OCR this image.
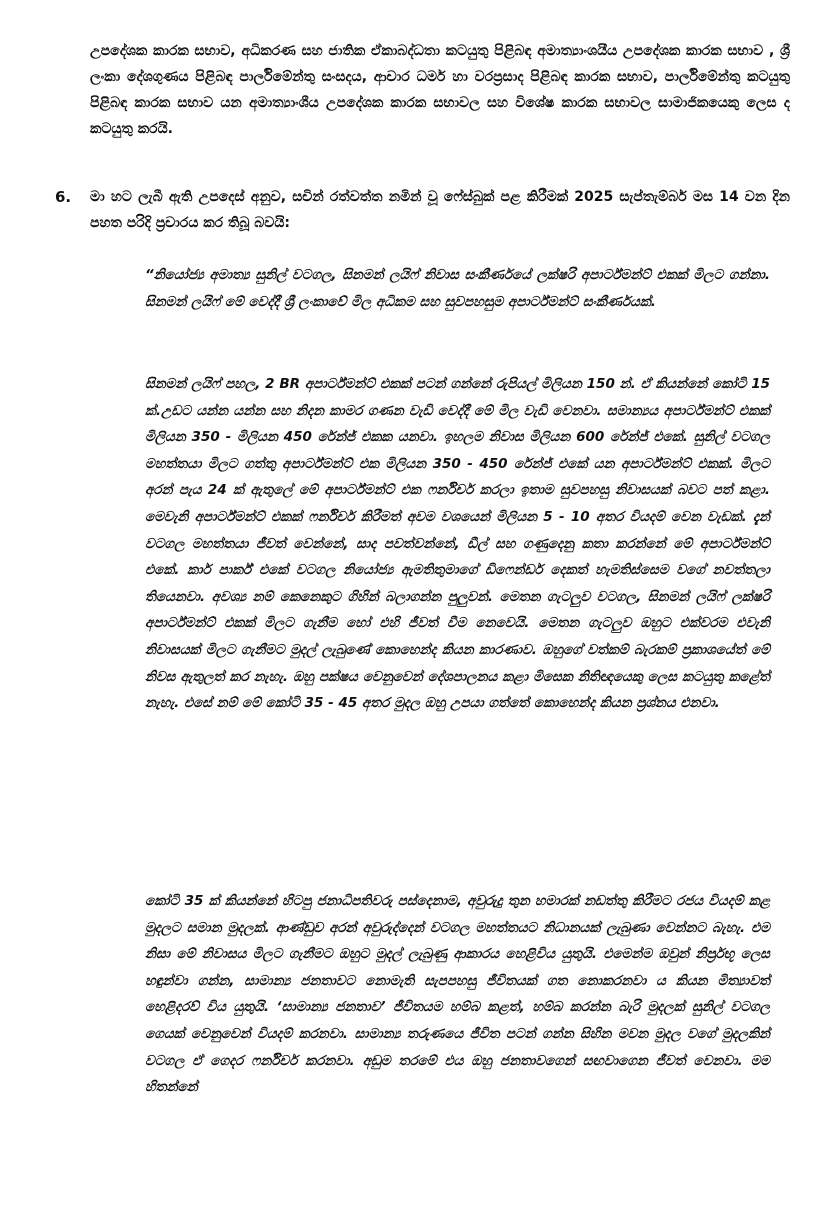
උපදේශක කාරක සභාව, අධිකරණ සහ ජාතික ඒකාබද්ධතා කටයුතු පිළිබඳ අමාත්‍යාංශයීය උපදේශක කාරක සභාව , ශ්‍රී ලංකා දේශගුණය පිළිබඳ පාර්ලිමේන්තු සංසදය, ආචාර ධර්ම හා වරප්‍රසාද පිළිබඳ කාරක සභාව, පාර්ලිමේන්තු කටයුතු පිළිබඳ කාරක සභාව යන අමාත්‍යාංශීය උපදේශක කාරක සභාවල සහ විශේෂ කාරක සභාවල සාමාජිකයෙකු ලෙස ද කටයුතු කරයි.

6. මා හට ලැබී ඇති උපදෙස් අනුව, සචින් රත්වත්ත නමින් වූ ෆේස්බුක් පළ කිරීමක් 2025 සැප්තැම්බර් මස 14 වන දින පහත පරිදි ප්‍රචාරය කර තිබූ බවයි:

“නියෝජ්‍ය අමාත්‍ය සුනිල් වටගල, සිනමන් ලයිෆ් නිවාස සංකීර්ණයේ ලක්ෂරි අපාර්ට්මන්ට් එකක් මිලට ගන්නා. සිනමන් ලයිෆ් මේ වෙද්දී ශ්‍රී ලංකාවේ මිල අධිකම සහ සුවපහසුම අපාර්ට්මන්ට් සංකීර්ණයක්.

සිනමන් ලයිෆ් පහල, 2 BR අපාර්ට්මන්ට් එකක් පටන් ගන්නේ රුපියල් මිලියන 150 න්. ඒ කියන්නේ කෝටි 15 ක්.උඩට යන්න යන්න සහ නිදන කාමර ගණන වැඩි වෙද්දී මේ මිල වැඩි වෙනවා. සමාන්‍යය අපාර්ට්මන්ට් එකක් මිලියන 350 - මිලියන 450 රේන්ජ් එකක යනවා. ඉහලම නිවාස මිලියන 600 රේන්ජ් එකේ. සුනිල් වටගල මහත්තයා මිලට ගත්තු අපාර්ට්මන්ට් එක මිලියන 350 - 450 රේන්ජ් එකේ යන අපාර්ට්මන්ට් එකක්. මිලට අරන් පැය 24 ක් ඇතුලේ මේ අපාර්ට්මන්ට් එක ෆර්නිචර් කරලා ඉතාම සුවපහසු නිවාසයක් බවට පත් කළා. මෙවැනි අපාර්ට්මන්ට් එකක් ෆර්නිචර් කිරීමත් අවම වශයෙන් මිලියන 5 - 10 අතර වියදම් වෙන වැඩක්. දැන් වටගල මහත්තයා ජීවත් වෙන්නේ, සාද පවත්වන්නේ, ඩීල් සහ ගණුදෙනු කතා කරන්නේ මේ අපාර්ට්මන්ට් එකේ. කාර් පාර්ක් එකේ වටගල නියෝජ්‍ය ඇමතිතුමාගේ ඩිෆෙන්ඩර් දෙකත් හැමතිස්සෙම වගේ නවත්තලා තියෙනවා. අවශ්‍ය නම් කෙනෙකුට ගිහින් බලාගන්න පුලුවන්. මෙතන ගැටලුව වටගල, සිනමන් ලයිෆ් ලක්ෂරි අපාර්ට්මන්ට් එකක් මිලට ගැනීම හෝ එහි ජීවත් වීම නෙවෙයි. මෙතන ගැටලුව ඔහුට එක්වරම එවැනි නිවාසයක් මිලට ගැනීමට මුදල් ලැබුණේ කොහෙන්ද කියන කාරණාව. ඔහුගේ වත්කම් බැරකම් ප්‍රකාශයේත් මේ නිවස ඇතුලත් කර නැහැ. ඔහු පක්ෂය වෙනුවෙන් දේශපාලනය කළා මිසෙක නිතිඥයෙකු ලෙස කටයුතු කළේත් නැහැ. එසේ නම් මේ කෝටි 35 - 45 අතර මුදල ඔහු උපයා ගත්තේ කොහෙන්ද කියන ප්‍රශ්නය එනවා.

කෝටි 35 ක් කියන්නේ හිටපු ජනාධිපතිවරු පස්දෙනාම, අවුරුදු තුන හමාරක් නඩත්තු කිරීමට රජය වියදම් කළ මුදලට සමාන මුදලක්. ආණ්ඩුව අරන් අවුරුද්දෙන් වටගල මහත්තයට නිධානයක් ලැබුණා වෙන්නට බැහැ. එම නිසා මේ නිවාසය මිලට ගැනීමට ඔහුට මුදල් ලැබුණු ආකාරය හෙළිවිය යුතුයි. එමෙන්ම ඔවුන් නිර්ප්‍රභූ ලෙස හඳුන්වා ගන්න, සාමාන්‍ය ජනතාවට නොමැති සැපපහසු ජීවිතයක් ගත නොකරනවා ය කියන මිත්‍යාවත් හෙළිදරව් විය යුතුයි. ‘සාමාන්‍ය ජනතාව’ ජීවිතයම හම්බ කළත්, හම්බ කරන්න බැරි මුදලක් සුනිල් වටගල ගෙයක් වෙනුවෙන් වියදම් කරනවා. සාමාන්‍ය තරුණයෙ ජීවිත පටන් ගන්න සිහින මවන මුදල වගේ මුදලකින් වටගල ඒ ගෙදර ෆර්නිචර් කරනවා. අඩුම තරමේ එය ඔහු ජනතාවගෙන් සඟවාගෙන ජීවත් වෙනවා. මම හිතන්නේ
